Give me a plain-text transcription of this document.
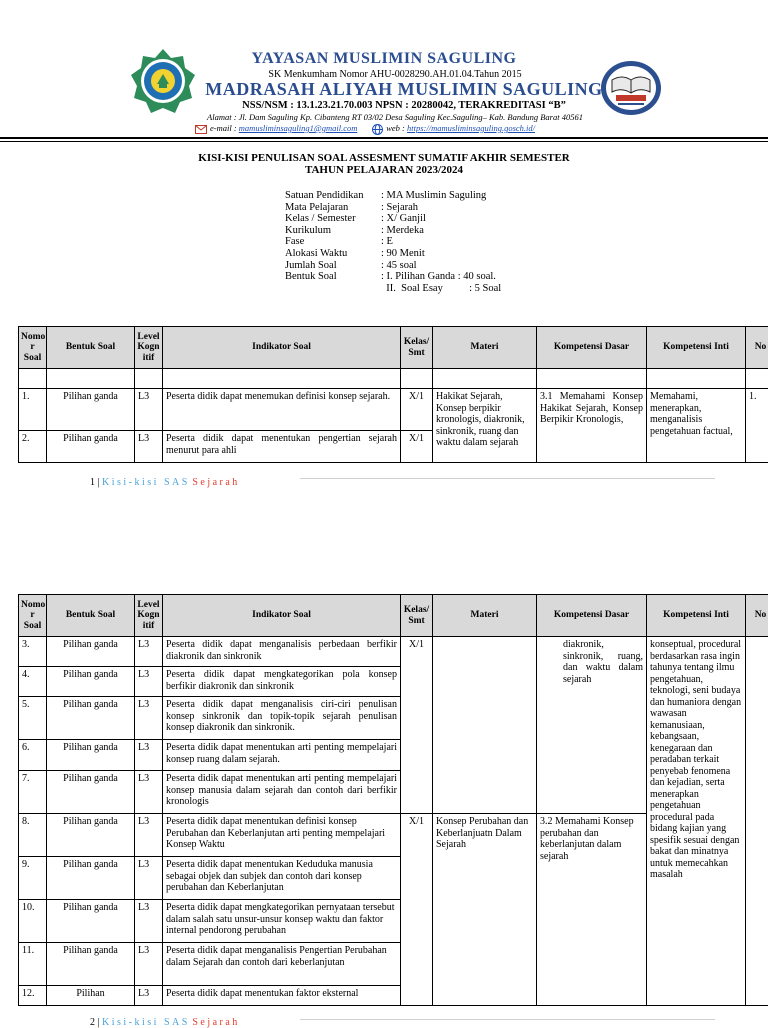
YAYASAN MUSLIMIN SAGULING
SK Menkumham Nomor AHU-0028290.AH.01.04.Tahun 2015
MADRASAH ALIYAH MUSLIMIN SAGULING
NSS/NSM : 13.1.23.21.70.003 NPSN : 20280042, TERAKREDITASI “B”
Alamat : Jl. Dam Saguling Kp. Cibanteng RT 03/02 Desa Saguling Kec.Saguling– Kab. Bandung Barat 40561
e-mail : mamusliminsaguling1@gmail.com	web : https://mamusliminsaguling.gosch.id/
KISI-KISI PENULISAN SOAL ASSESMENT SUMATIF AKHIR SEMESTER
TAHUN PELAJARAN 2023/2024
Satuan Pendidikan	: MA Muslimin Saguling
Mata Pelajaran	: Sejarah
Kelas / Semester	: X/ Ganjil
Kurikulum	: Merdeka
Fase	: E
Alokasi Waktu	: 90 Menit
Jumlah Soal	: 45 soal
Bentuk Soal	: I. Pilihan Ganda : 40 soal.
II.  Soal Esay          : 5 Soal
Nomo r Soal	Bentuk Soal	Level Kogn itif	Indikator Soal	Kelas/ Smt	Materi	Kompetensi Dasar	Kompetensi Inti	No

1.	Pilihan ganda	L3	Peserta didik dapat menemukan definisi konsep sejarah.	X/1	Hakikat Sejarah, Konsep berpikir kronologis, diakronik, sinkronik, ruang dan waktu dalam sejarah	3.1 Memahami Konsep Hakikat Sejarah, Konsep Berpikir Kronologis,	Memahami, menerapkan, menganalisis pengetahuan factual,	1.
2.	Pilihan ganda	L3	Peserta didik dapat menentukan pengertian sejarah menurut para ahli	X/1				
1 | Kisi-kisi SAS Sejarah
Nomo r Soal	Bentuk Soal	Level Kogn itif	Indikator Soal	Kelas/ Smt	Materi	Kompetensi Dasar	Kompetensi Inti	No
3.	Pilihan ganda	L3	Peserta didik dapat menganalisis perbedaan berfikir diakronik dan sinkronik	X/1		diakronik, sinkronik, ruang, dan waktu dalam sejarah	konseptual, procedural berdasarkan rasa ingin tahunya tentang ilmu pengetahuan, teknologi, seni budaya dan humaniora dengan wawasan kemanusiaan, kebangsaan, kenegaraan dan peradaban terkait penyebab fenomena dan kejadian, serta menerapkan pengetahuan procedural pada bidang kajian yang spesifik sesuai dengan bakat dan minatnya untuk memecahkan masalah	
4.	Pilihan ganda	L3	Peserta didik dapat mengkategorikan pola konsep berfikir diakronik dan sinkronik					
5.	Pilihan ganda	L3	Peserta didik dapat menganalisis ciri-ciri penulisan konsep sinkronik dan topik-topik sejarah penulisan konsep diakronik dan sinkronik.					
6.	Pilihan ganda	L3	Peserta didik dapat menentukan arti penting mempelajari konsep ruang dalam sejarah.					
7.	Pilihan ganda	L3	Peserta didik dapat menentukan arti penting mempelajari konsep manusia dalam sejarah dan contoh dari berfikir kronologis					
8.	Pilihan ganda	L3	Peserta didik dapat menentukan definisi konsep Perubahan dan Keberlanjutan arti penting mempelajari Konsep Waktu	X/1	Konsep Perubahan dan Keberlanjuatn Dalam Sejarah	3.2 Memahami Konsep perubahan dan keberlanjutan dalam sejarah		
9.	Pilihan ganda	L3	Peserta didik dapat menentukan Keduduka manusia sebagai objek dan subjek dan contoh dari konsep perubahan dan Keberlanjutan					
10.	Pilihan ganda	L3	Peserta didik dapat mengkategorikan pernyataan tersebut dalam salah satu unsur-unsur konsep waktu dan faktor internal pendorong perubahan					
11.	Pilihan ganda	L3	Peserta didik dapat menganalisis Pengertian Perubahan dalam Sejarah dan contoh dari keberlanjutan					
12.	Pilihan	L3	Peserta didik dapat menentukan faktor eksternal					
2 | Kisi-kisi SAS Sejarah
